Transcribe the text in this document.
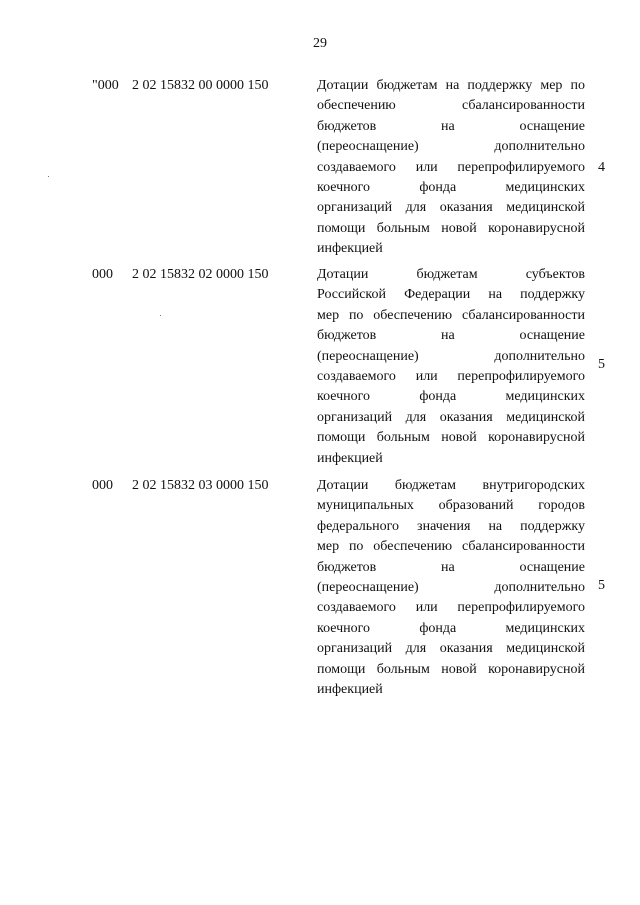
29
"000 2 02 15832 00 0000 150	Дотации бюджетам на поддержку мер по
обеспечению сбалансированности
бюджетов на оснащение
(переоснащение) дополнительно
создаваемого или перепрофилируемого
коечного фонда медицинских
организаций для оказания медицинской
помощи больным новой коронавирусной
инфекцией
4
000 2 02 15832 02 0000 150	Дотации бюджетам субъектов
Российской Федерации на поддержку
мер по обеспечению сбалансированности
бюджетов на оснащение
(переоснащение) дополнительно
создаваемого или перепрофилируемого
коечного фонда медицинских
организаций для оказания медицинской
помощи больным новой коронавирусной
инфекцией
5
000 2 02 15832 03 0000 150	Дотации бюджетам внутригородских
муниципальных образований городов
федерального значения на поддержку
мер по обеспечению сбалансированности
бюджетов на оснащение
(переоснащение) дополнительно
создаваемого или перепрофилируемого
коечного фонда медицинских
организаций для оказания медицинской
помощи больным новой коронавирусной
инфекцией
5
